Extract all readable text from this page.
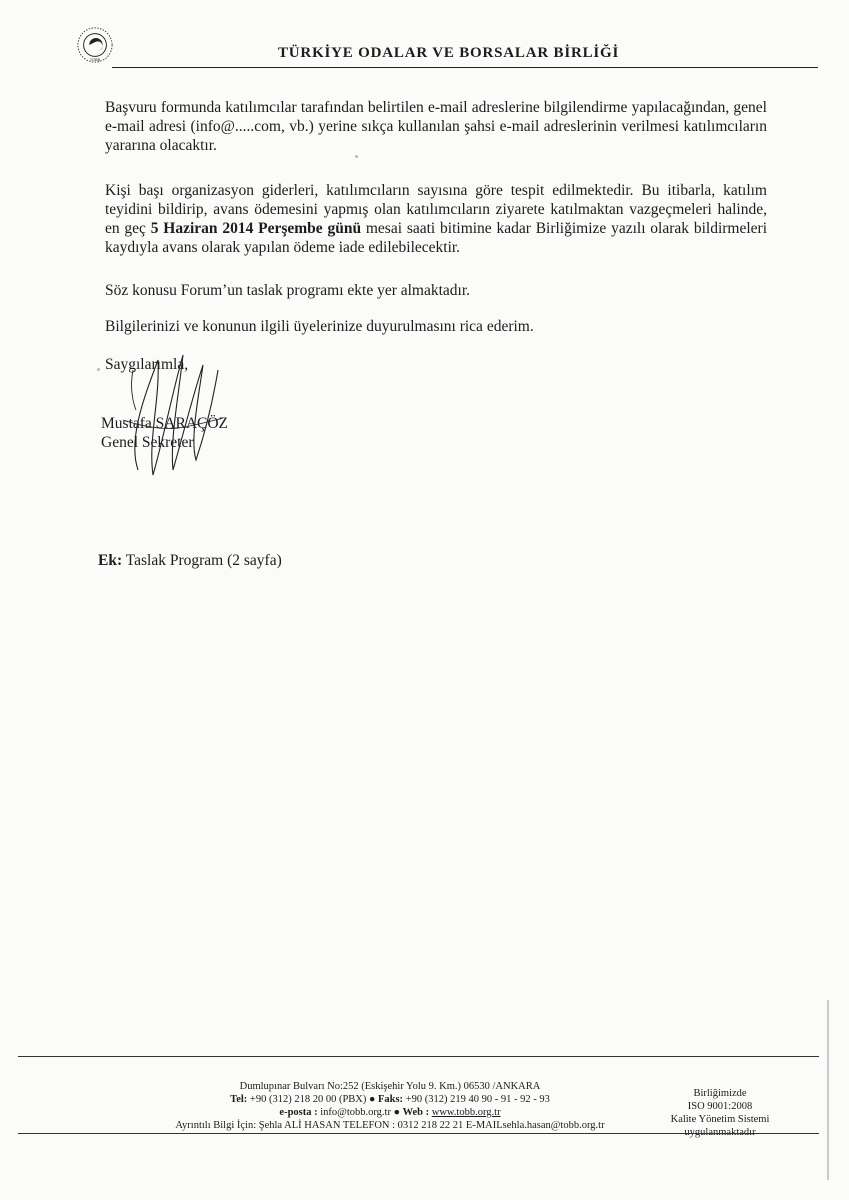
TOBB	TÜRKİYE ODALAR VE BORSALAR BİRLİĞİ
Başvuru formunda katılımcılar tarafından belirtilen e-mail adreslerine bilgilendirme yapılacağından, genel e-mail adresi (info@.....com, vb.) yerine sıkça kullanılan şahsi e-mail adreslerinin verilmesi katılımcıların yararına olacaktır.
Kişi başı organizasyon giderleri, katılımcıların sayısına göre tespit edilmektedir. Bu itibarla, katılım teyidini bildirip, avans ödemesini yapmış olan katılımcıların ziyarete katılmaktan vazgeçmeleri halinde, en geç 5 Haziran 2014 Perşembe günü mesai saati bitimine kadar Birliğimize yazılı olarak bildirmeleri kaydıyla avans olarak yapılan ödeme iade edilebilecektir.
Söz konusu Forum’un taslak programı ekte yer almaktadır.
Bilgilerinizi ve konunun ilgili üyelerinize duyurulmasını rica ederim.
Saygılarımla,
Mustafa SARAÇÖZ
Genel Sekreter
Ek: Taslak Program (2 sayfa)
Dumlupınar Bulvarı No:252 (Eskişehir Yolu 9. Km.) 06530 /ANKARA
Tel: +90 (312) 218 20 00 (PBX) ● Faks: +90 (312) 219 40 90 - 91 - 92 - 93
e-posta : info@tobb.org.tr ● Web : www.tobb.org.tr
Ayrıntılı Bilgi İçin: Şehla ALİ HASAN TELEFON : 0312 218 22 21 E-MAILsehla.hasan@tobb.org.tr
Birliğimizde
ISO 9001:2008
Kalite Yönetim Sistemi
uygulanmaktadır
